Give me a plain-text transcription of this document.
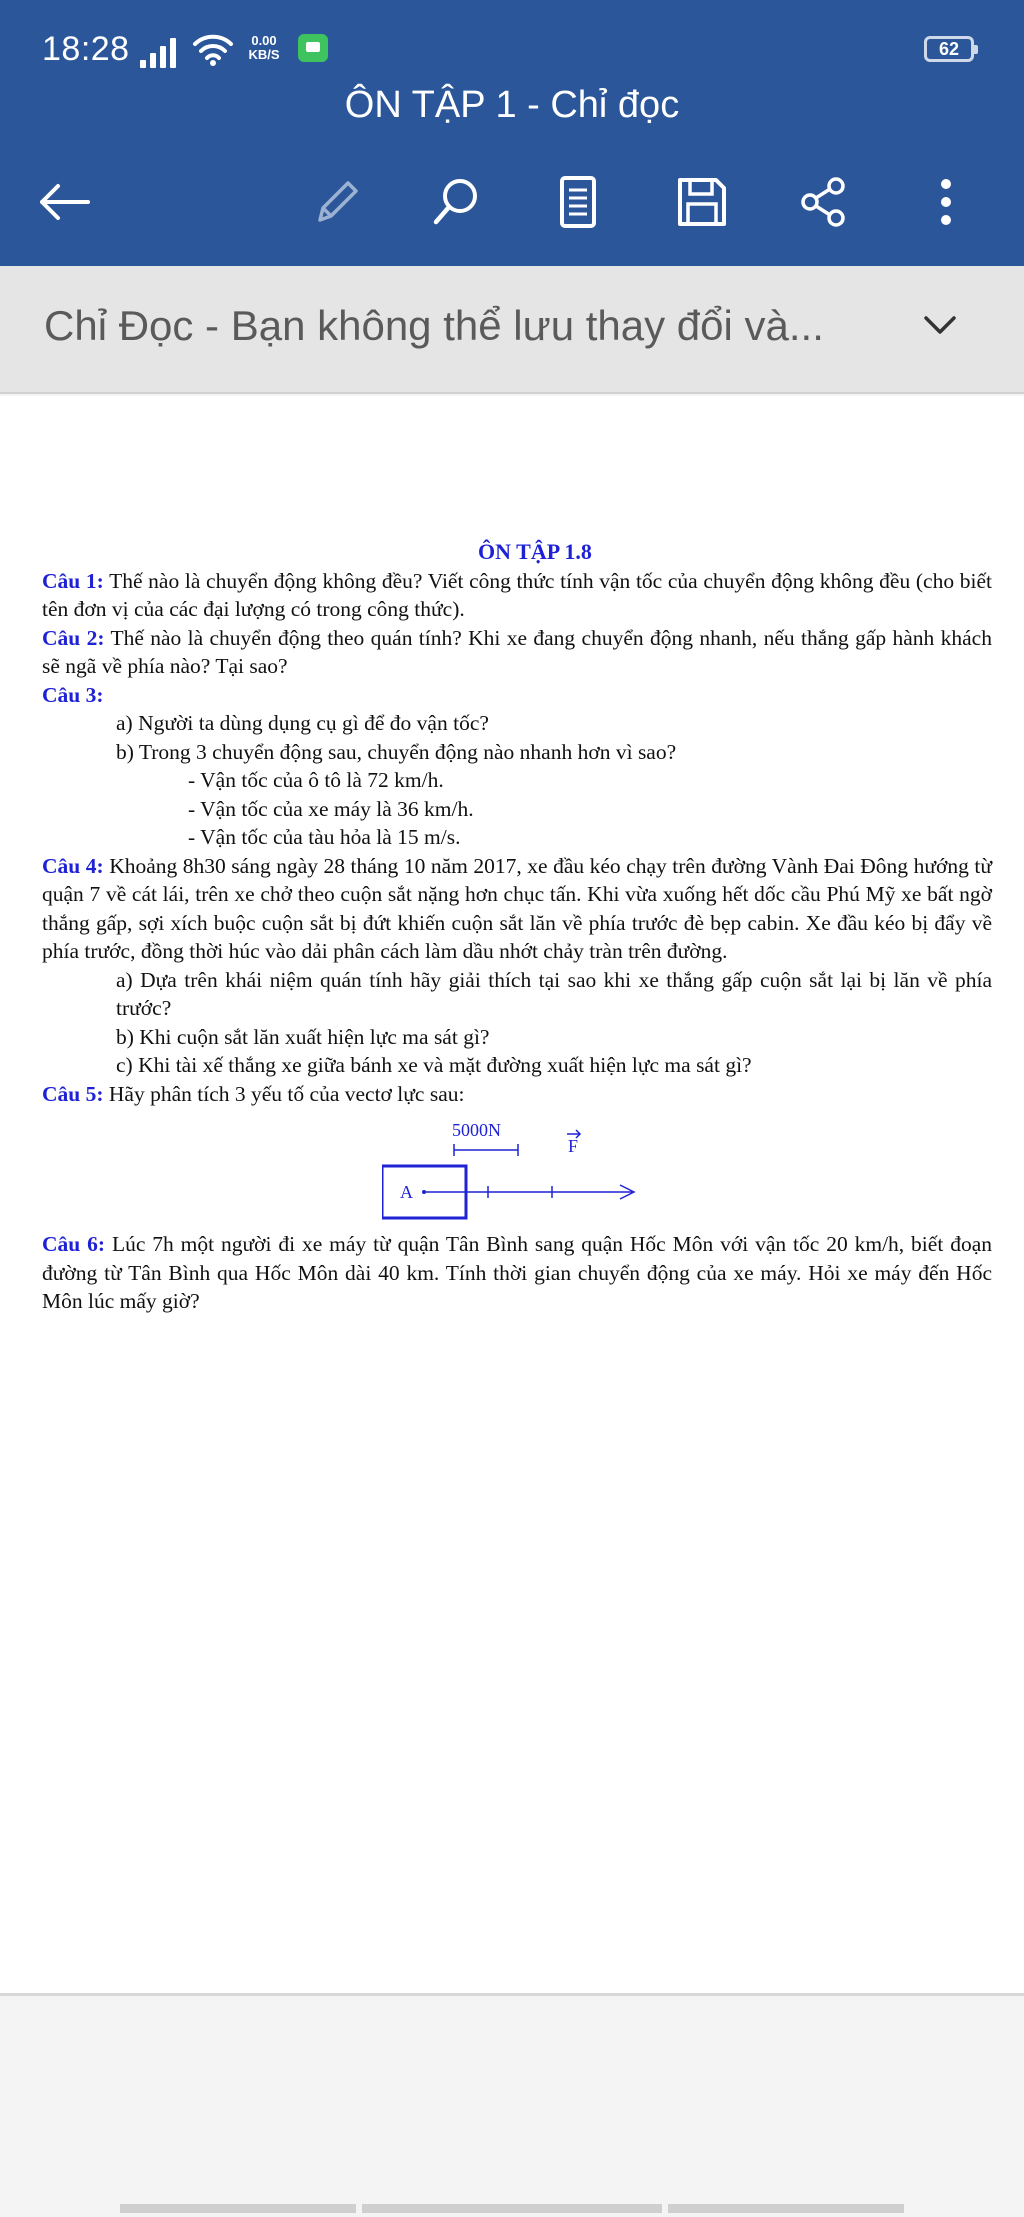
18:28	0.00
KB/S	62
ÔN TẬP 1 - Chỉ đọc
Chỉ Đọc - Bạn không thể lưu thay đổi và...

ÔN TẬP 1.8

Câu 1: Thế nào là chuyển động không đều? Viết công thức tính vận tốc của chuyển động không đều (cho biết tên đơn vị của các đại lượng có trong công thức).

Câu 2: Thế nào là chuyển động theo quán tính? Khi xe đang chuyển động nhanh, nếu thắng gấp hành khách sẽ ngã về phía nào? Tại sao?

Câu 3:

a) Người ta dùng dụng cụ gì để đo vận tốc?

b) Trong 3 chuyển động sau, chuyển động nào nhanh hơn vì sao?

- Vận tốc của ô tô là 72 km/h.

- Vận tốc của xe máy là 36 km/h.

- Vận tốc của tàu hỏa là 15 m/s.

Câu 4: Khoảng 8h30 sáng ngày 28 tháng 10 năm 2017, xe đầu kéo chạy trên đường Vành Đai Đông hướng từ quận 7 về cát lái, trên xe chở theo cuộn sắt nặng hơn chục tấn. Khi vừa xuống hết dốc cầu Phú Mỹ xe bất ngờ thắng gấp, sợi xích buộc cuộn sắt bị đứt khiến cuộn sắt lăn về phía trước đè bẹp cabin. Xe đầu kéo bị đẩy về phía trước, đồng thời húc vào dải phân cách làm dầu nhớt chảy tràn trên đường.

a) Dựa trên khái niệm quán tính hãy giải thích tại sao khi xe thắng gấp cuộn sắt lại bị lăn về phía trước?

b) Khi cuộn sắt lăn xuất hiện lực ma sát gì?

c) Khi tài xế thắng xe giữa bánh xe và mặt đường xuất hiện lực ma sát gì?

Câu 5: Hãy phân tích 3 yếu tố của vectơ lực sau:

5000N
F
A

Câu 6: Lúc 7h một người đi xe máy từ quận Tân Bình sang quận Hốc Môn với vận tốc 20 km/h, biết đoạn đường từ Tân Bình qua Hốc Môn dài 40 km. Tính thời gian chuyển động của xe máy. Hỏi xe máy đến Hốc Môn lúc mấy giờ?
